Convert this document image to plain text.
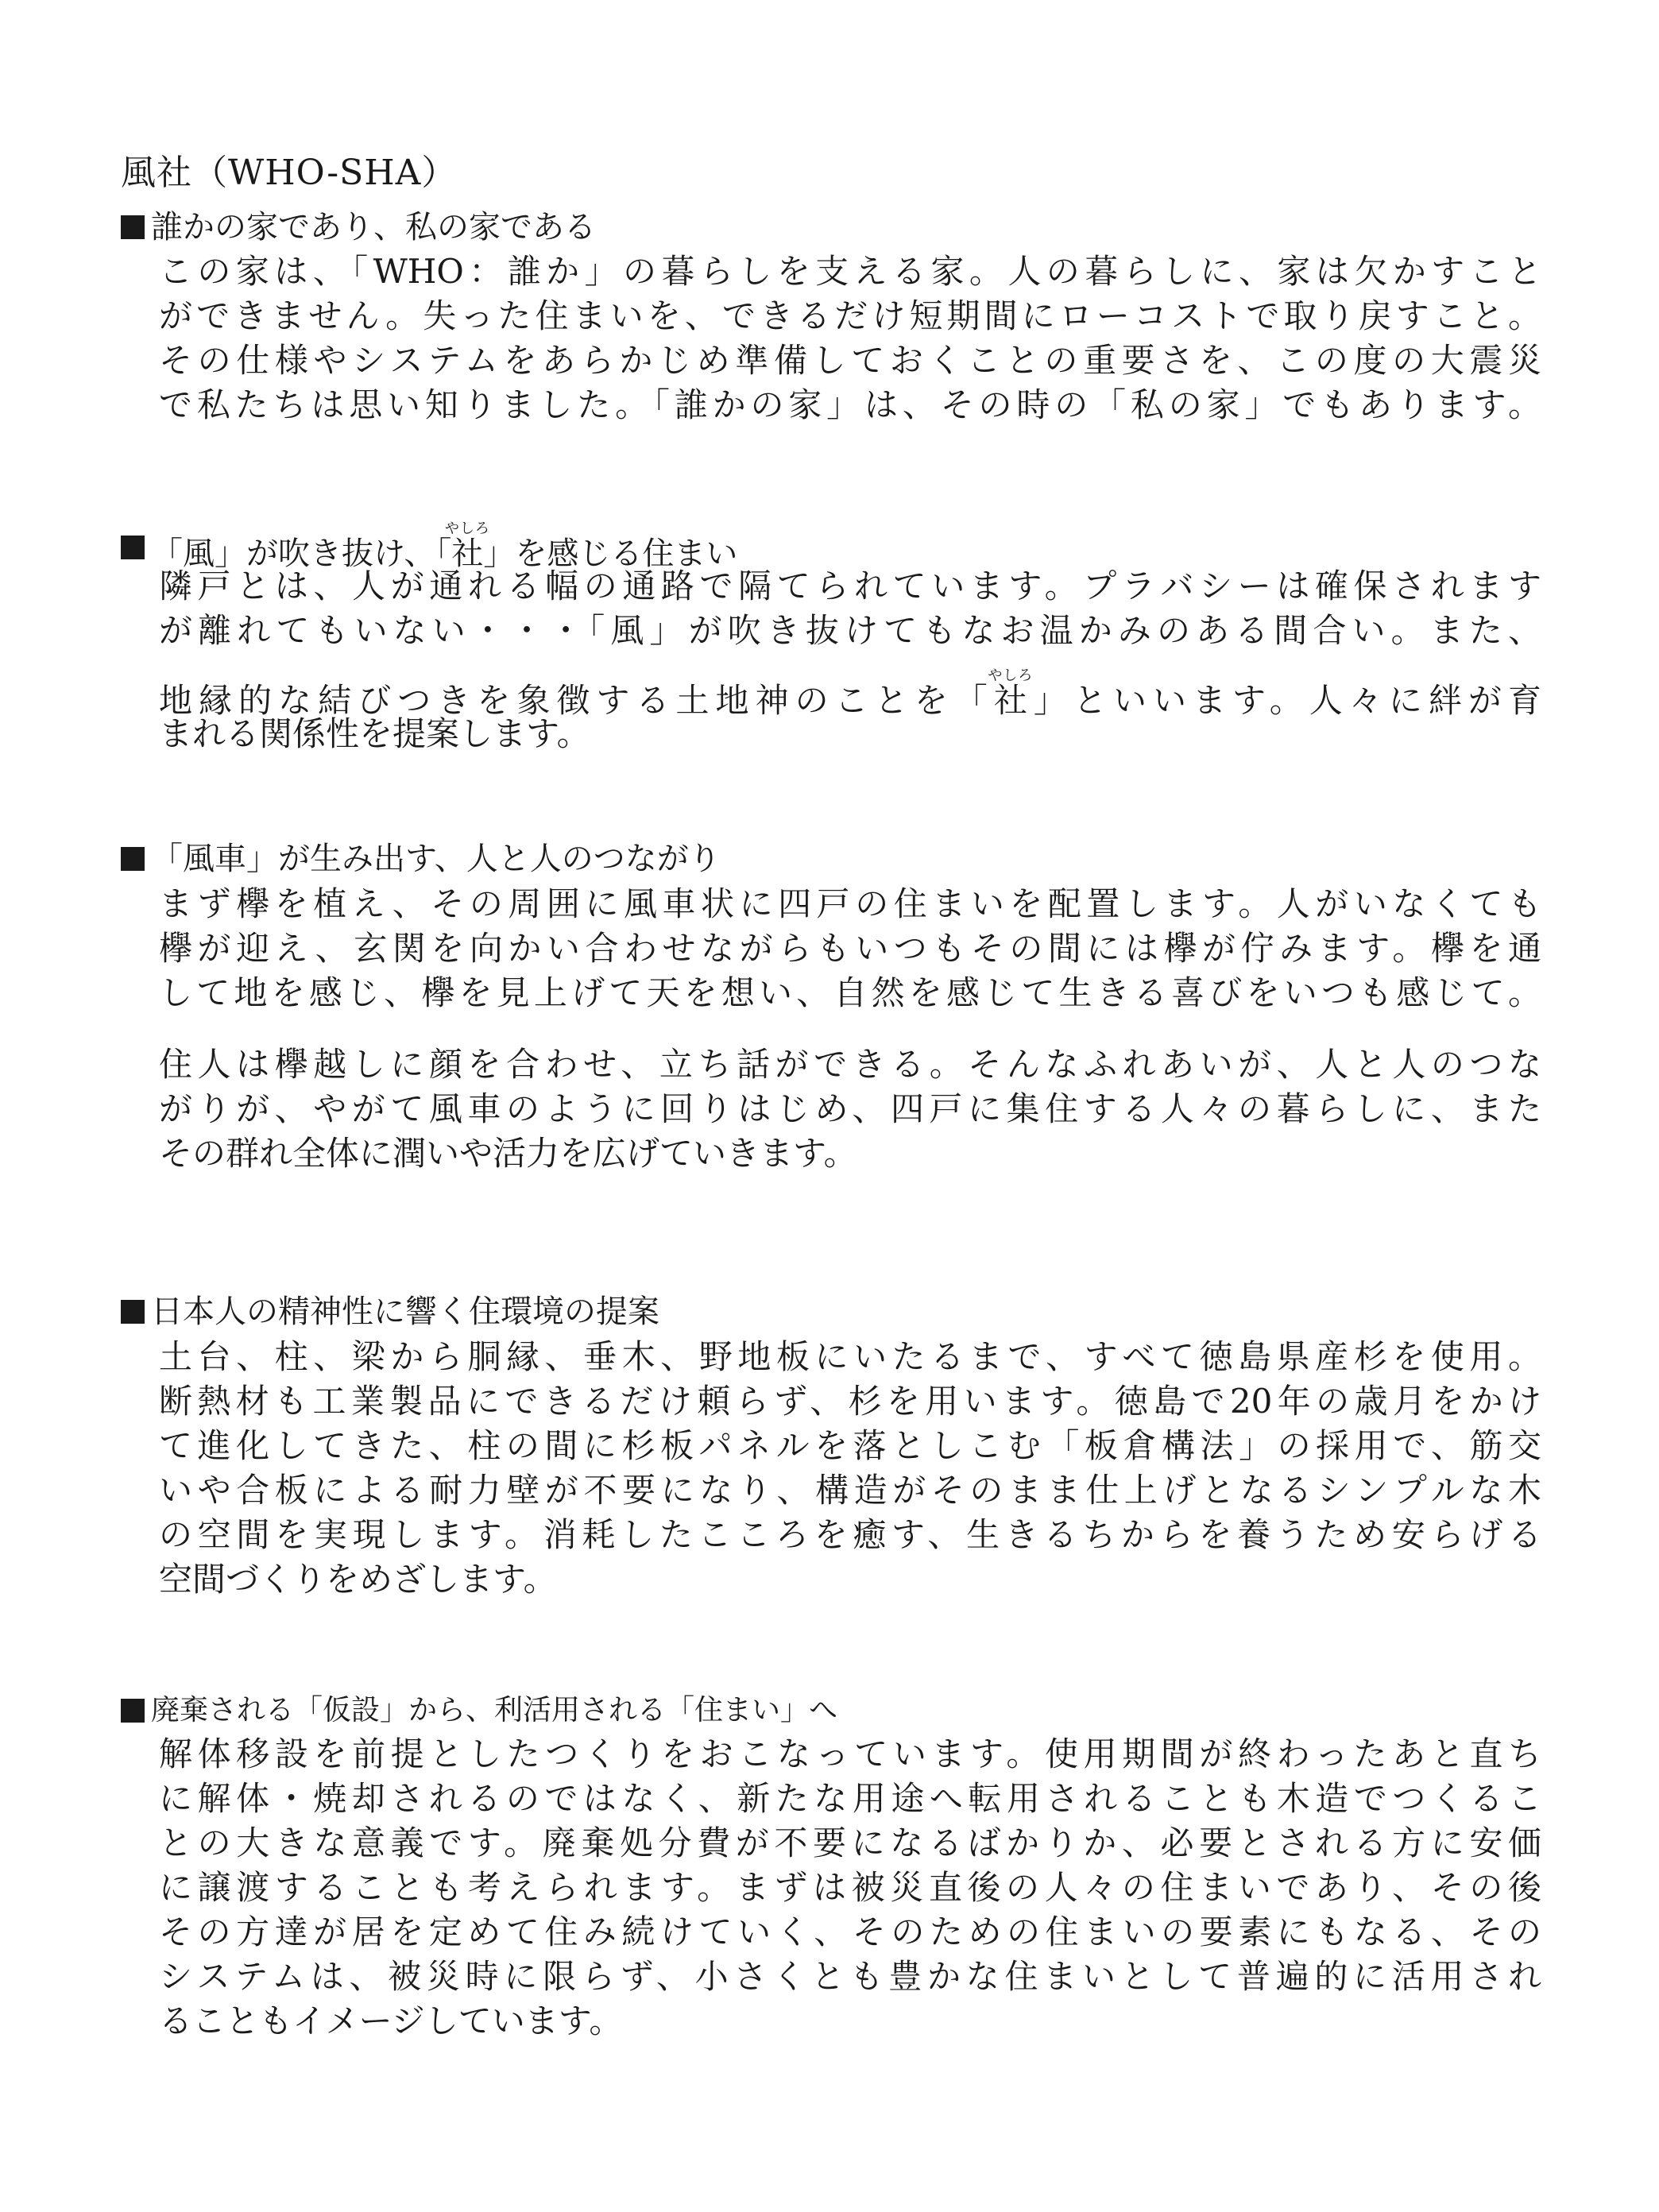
風社（WHO-SHA）
誰かの家であり、私の家である
この家は、「WHO：誰か」の暮らしを支える家。人の暮らしに、家は欠かすこと
ができません。失った住まいを、できるだけ短期間にローコストで取り戻すこと。
その仕様やシステムをあらかじめ準備しておくことの重要さを、この度の大震災
で私たちは思い知りました。「誰かの家」は、その時の「私の家」でもあります。
「風」が吹き抜け、「社やしろ」を感じる住まい
隣戸とは、人が通れる幅の通路で隔てられています。プラバシーは確保されます
が離れてもいない・・・「風」が吹き抜けてもなお温かみのある間合い。また、
地縁的な結びつきを象徴する土地神のことを「社やしろ」といいます。人々に絆が育
まれる関係性を提案します。
「風車」が生み出す、人と人のつながり
まず欅を植え、その周囲に風車状に四戸の住まいを配置します。人がいなくても
欅が迎え、玄関を向かい合わせながらもいつもその間には欅が佇みます。欅を通
して地を感じ、欅を見上げて天を想い、自然を感じて生きる喜びをいつも感じて。
住人は欅越しに顔を合わせ、立ち話ができる。そんなふれあいが、人と人のつな
がりが、やがて風車のように回りはじめ、四戸に集住する人々の暮らしに、また
その群れ全体に潤いや活力を広げていきます。
日本人の精神性に響く住環境の提案
土台、柱、梁から胴縁、垂木、野地板にいたるまで、すべて徳島県産杉を使用。
断熱材も工業製品にできるだけ頼らず、杉を用います。徳島で20年の歳月をかけ
て進化してきた、柱の間に杉板パネルを落としこむ「板倉構法」の採用で、筋交
いや合板による耐力壁が不要になり、構造がそのまま仕上げとなるシンプルな木
の空間を実現します。消耗したこころを癒す、生きるちからを養うため安らげる
空間づくりをめざします。
廃棄される「仮設」から、利活用される「住まい」へ
解体移設を前提としたつくりをおこなっています。使用期間が終わったあと直ち
に解体・焼却されるのではなく、新たな用途へ転用されることも木造でつくるこ
との大きな意義です。廃棄処分費が不要になるばかりか、必要とされる方に安価
に譲渡することも考えられます。まずは被災直後の人々の住まいであり、その後
その方達が居を定めて住み続けていく、そのための住まいの要素にもなる、その
システムは、被災時に限らず、小さくとも豊かな住まいとして普遍的に活用され
ることもイメージしています。
